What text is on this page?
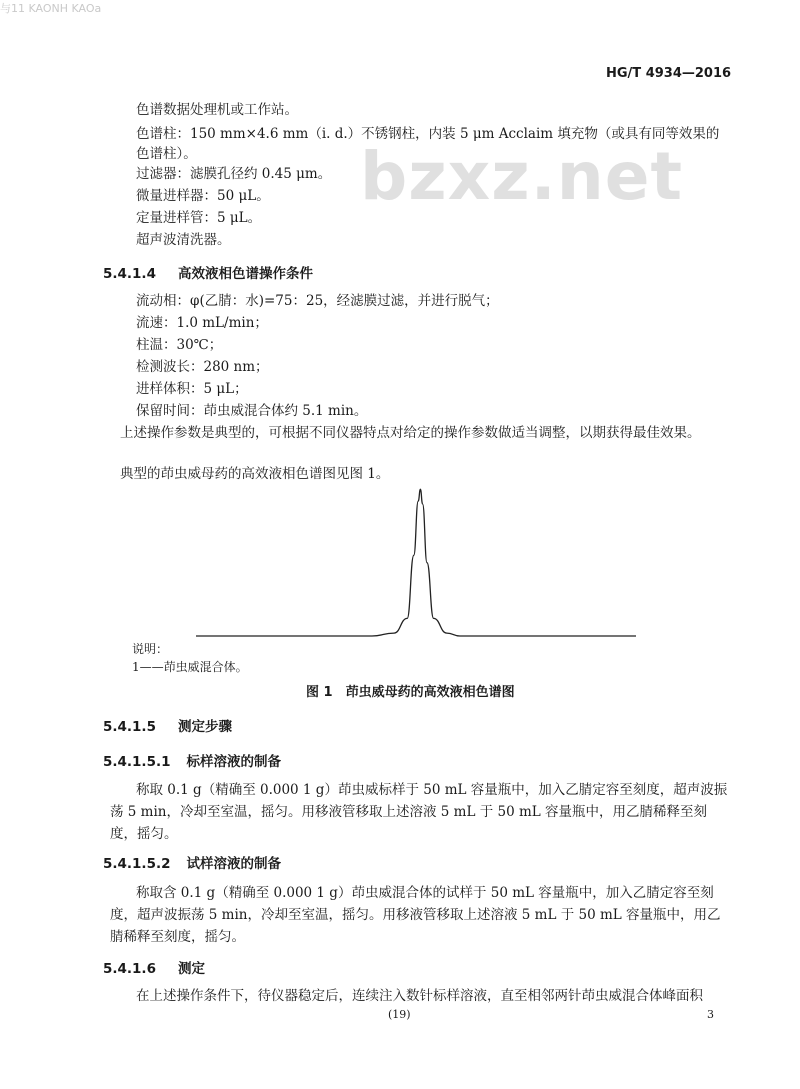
与11 KAONH KAOa
HG/T 4934—2016
bzxz.net
色谱数据处理机或工作站。
色谱柱：150 mm×4.6 mm（i. d.）不锈钢柱，内装 5 μm Acclaim 填充物（或具有同等效果的色谱柱）。
过滤器：滤膜孔径约 0.45 μm。
微量进样器：50 μL。
定量进样管：5 μL。
超声波清洗器。
5.4.1.4 高效液相色谱操作条件
流动相：φ(乙腈：水)=75：25，经滤膜过滤，并进行脱气；
流速：1.0 mL/min；
柱温：30℃；
检测波长：280 nm；
进样体积：5 μL；
保留时间：茚虫威混合体约 5.1 min。
上述操作参数是典型的，可根据不同仪器特点对给定的操作参数做适当调整，以期获得最佳效果。
典型的茚虫威母药的高效液相色谱图见图 1。
说明：
1——茚虫威混合体。
图 1　茚虫威母药的高效液相色谱图
5.4.1.5 测定步骤
5.4.1.5.1 标样溶液的制备
称取 0.1 g（精确至 0.000 1 g）茚虫威标样于 50 mL 容量瓶中，加入乙腈定容至刻度，超声波振荡 5 min，冷却至室温，摇匀。用移液管移取上述溶液 5 mL 于 50 mL 容量瓶中，用乙腈稀释至刻度，摇匀。
5.4.1.5.2 试样溶液的制备
称取含 0.1 g（精确至 0.000 1 g）茚虫威混合体的试样于 50 mL 容量瓶中，加入乙腈定容至刻度，超声波振荡 5 min，冷却至室温，摇匀。用移液管移取上述溶液 5 mL 于 50 mL 容量瓶中，用乙腈稀释至刻度，摇匀。
5.4.1.6 测定
在上述操作条件下，待仪器稳定后，连续注入数针标样溶液，直至相邻两针茚虫威混合体峰面积
(19)	3
